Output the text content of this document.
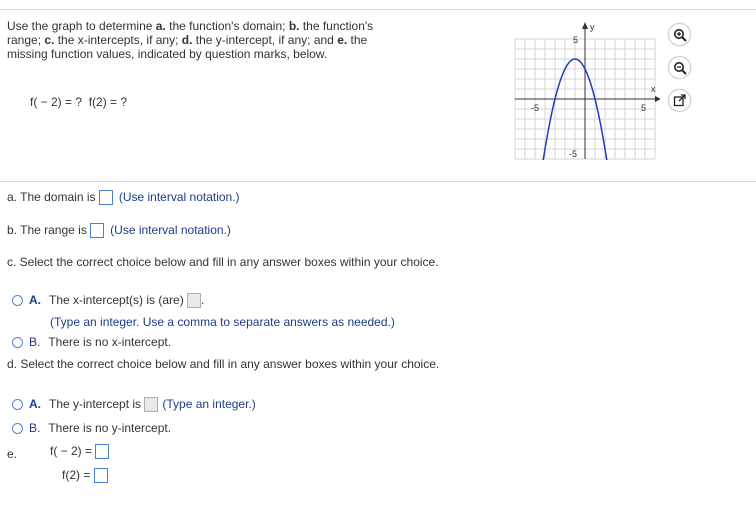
Use the graph to determine a. the function's domain; b. the function's range; c. the x-intercepts, if any; d. the y-intercept, if any; and e. the missing function values, indicated by question marks, below.
f( − 2) = ? f(2) = ?
y
x
5
-5
-5	5
a. The domain is (Use interval notation.)
b. The range is (Use interval notation.)
c. Select the correct choice below and fill in any answer boxes within your choice.
A. The x-intercept(s) is (are) .
(Type an integer. Use a comma to separate answers as needed.)
B. There is no x-intercept.
d. Select the correct choice below and fill in any answer boxes within your choice.
A. The y-intercept is (Type an integer.)
B. There is no y-intercept.
e.	f( − 2) =
f(2) =
